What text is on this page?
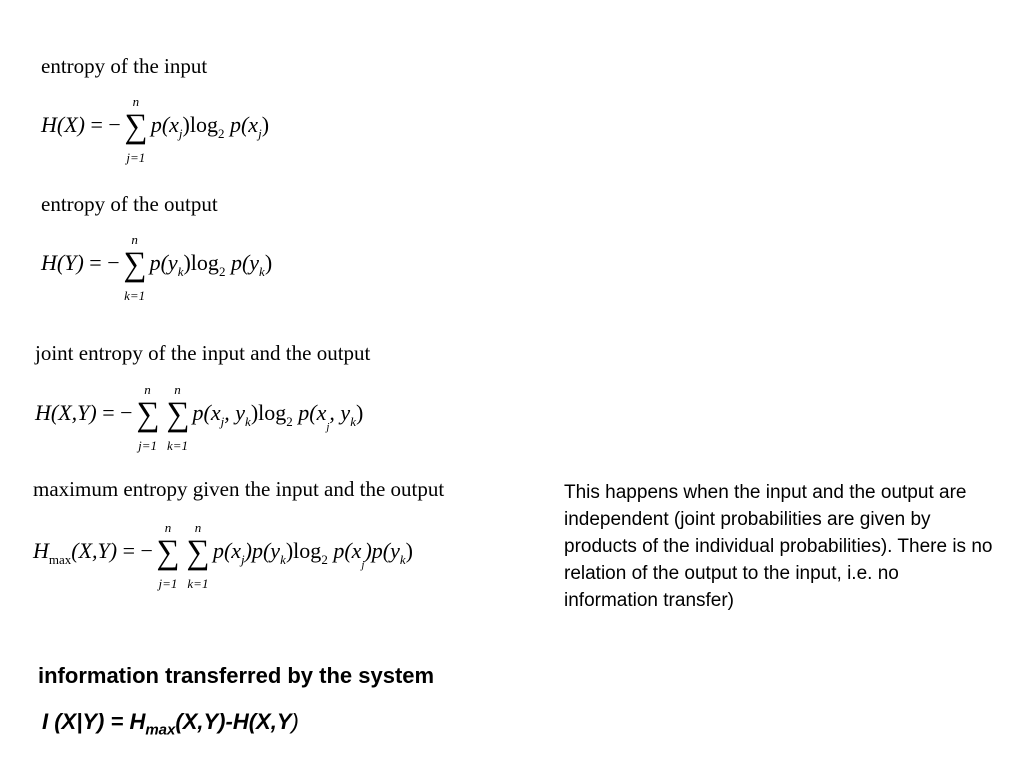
entropy of the input
H(X) = −
n
∑
j=1
$p(x_j)\log_2$ $p(x_j)$
entropy of the output
H(Y) = −
n
∑
k=1
$p(y_k)\log_2$ $p(y_k)$
joint entropy of the input and the output
H(X,Y) = −
n
∑
j=1
n
∑
k=1
$p(x_j$, $y_k)\log_2$ $p(x_j$, $y_k$)
maximum entropy given the input and the output
$H_{max}(X,Y)$ = −
n
∑
j=1
n
∑
k=1
$p(x_j)p(y_k)\log_2$ $p(x_j)p(y_k)$
This happens when the input and the output are independent (joint probabilities are given by products of the individual probabilities). There is no relation of the output to the input, i.e. no information transfer)
information transferred by the system
I $(X|Y) = H_{max}(X,Y)-H(X,Y)$
